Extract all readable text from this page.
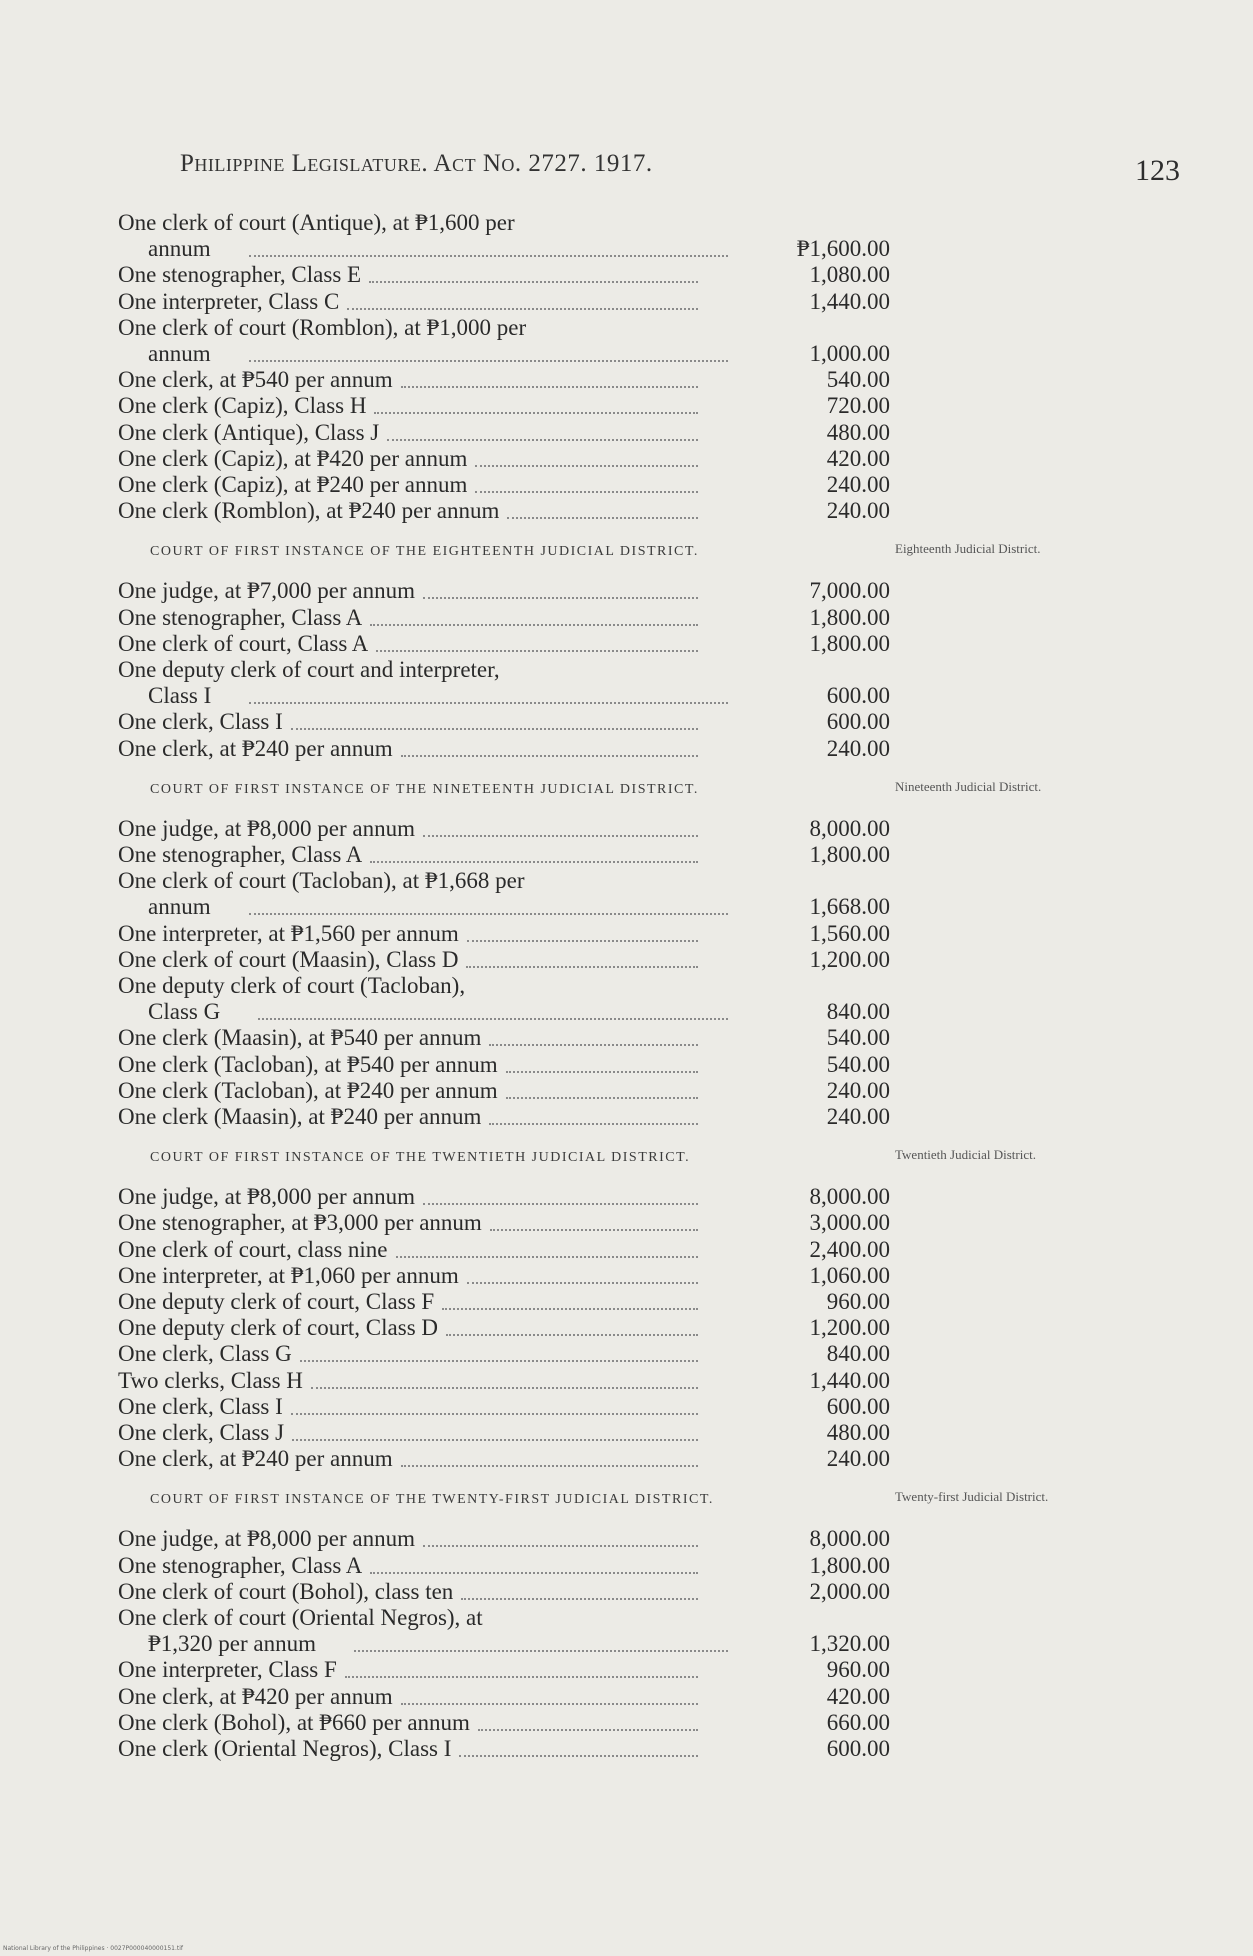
Philippine Legislature. Act No. 2727. 1917.	123
One clerk of court (Antique), at ₱1,600 per
annum	₱1,600.00
One stenographer, Class E	1,080.00
One interpreter, Class C	1,440.00
One clerk of court (Romblon), at ₱1,000 per
annum	1,000.00
One clerk, at ₱540 per annum	540.00
One clerk (Capiz), Class H	720.00
One clerk (Antique), Class J	480.00
One clerk (Capiz), at ₱420 per annum	420.00
One clerk (Capiz), at ₱240 per annum	240.00
One clerk (Romblon), at ₱240 per annum	240.00
COURT OF FIRST INSTANCE OF THE EIGHTEENTH JUDICIAL DISTRICT.	Eighteenth Judicial District.
One judge, at ₱7,000 per annum	7,000.00
One stenographer, Class A	1,800.00
One clerk of court, Class A	1,800.00
One deputy clerk of court and interpreter,
Class I	600.00
One clerk, Class I	600.00
One clerk, at ₱240 per annum	240.00
COURT OF FIRST INSTANCE OF THE NINETEENTH JUDICIAL DISTRICT.	Nineteenth Judicial District.
One judge, at ₱8,000 per annum	8,000.00
One stenographer, Class A	1,800.00
One clerk of court (Tacloban), at ₱1,668 per
annum	1,668.00
One interpreter, at ₱1,560 per annum	1,560.00
One clerk of court (Maasin), Class D	1,200.00
One deputy clerk of court (Tacloban),
Class G	840.00
One clerk (Maasin), at ₱540 per annum	540.00
One clerk (Tacloban), at ₱540 per annum	540.00
One clerk (Tacloban), at ₱240 per annum	240.00
One clerk (Maasin), at ₱240 per annum	240.00
COURT OF FIRST INSTANCE OF THE TWENTIETH JUDICIAL DISTRICT.	Twentieth Judicial District.
One judge, at ₱8,000 per annum	8,000.00
One stenographer, at ₱3,000 per annum	3,000.00
One clerk of court, class nine	2,400.00
One interpreter, at ₱1,060 per annum	1,060.00
One deputy clerk of court, Class F	960.00
One deputy clerk of court, Class D	1,200.00
One clerk, Class G	840.00
Two clerks, Class H	1,440.00
One clerk, Class I	600.00
One clerk, Class J	480.00
One clerk, at ₱240 per annum	240.00
COURT OF FIRST INSTANCE OF THE TWENTY-FIRST JUDICIAL DISTRICT.	Twenty-first Judicial District.
One judge, at ₱8,000 per annum	8,000.00
One stenographer, Class A	1,800.00
One clerk of court (Bohol), class ten	2,000.00
One clerk of court (Oriental Negros), at
₱1,320 per annum	1,320.00
One interpreter, Class F	960.00
One clerk, at ₱420 per annum	420.00
One clerk (Bohol), at ₱660 per annum	660.00
One clerk (Oriental Negros), Class I	600.00
National Library of the Philippines · 0027P000040000151.tif
